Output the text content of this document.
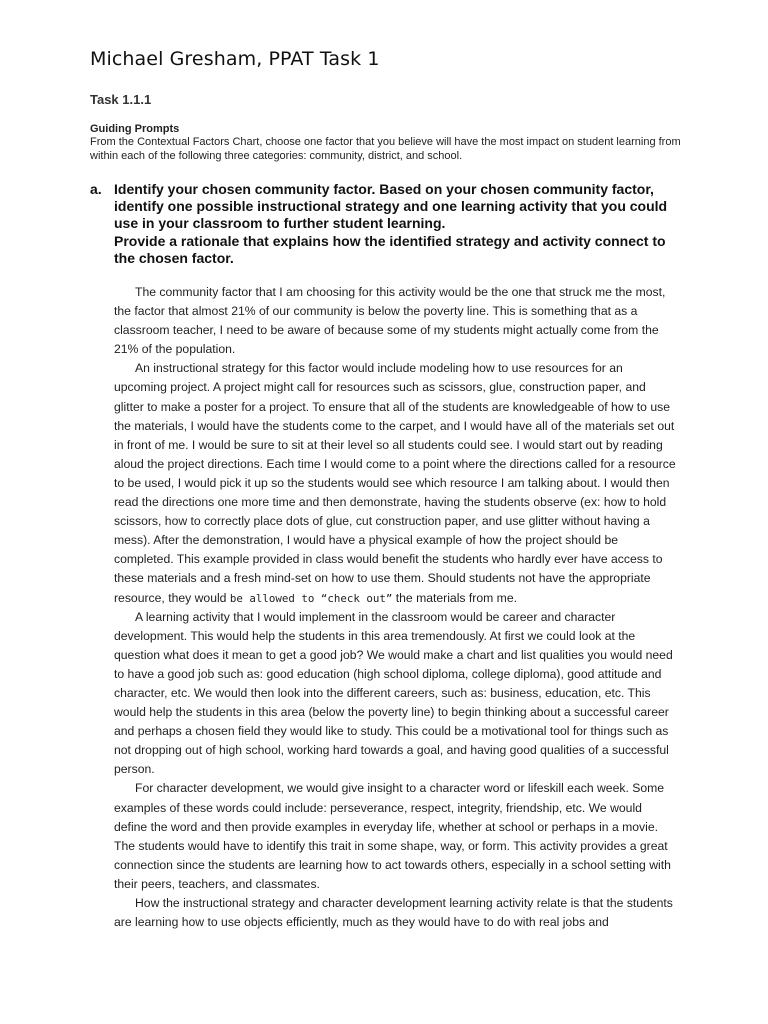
Michael Gresham, PPAT Task 1
Task 1.1.1
Guiding Prompts
From the Contextual Factors Chart, choose one factor that you believe will have the most impact on student learning from within each of the following three categories: community, district, and school.
a. Identify your chosen community factor. Based on your chosen community factor, identify one possible instructional strategy and one learning activity that you could use in your classroom to further student learning.

Provide a rationale that explains how the identified strategy and activity connect to the chosen factor.

The community factor that I am choosing for this activity would be the one that struck me the most, the factor that almost 21% of our community is below the poverty line. This is something that as a classroom teacher, I need to be aware of because some of my students might actually come from the 21% of the population.

An instructional strategy for this factor would include modeling how to use resources for an upcoming project. A project might call for resources such as scissors, glue, construction paper, and glitter to make a poster for a project. To ensure that all of the students are knowledgeable of how to use the materials, I would have the students come to the carpet, and I would have all of the materials set out in front of me. I would be sure to sit at their level so all students could see. I would start out by reading aloud the project directions. Each time I would come to a point where the directions called for a resource to be used, I would pick it up so the students would see which resource I am talking about. I would then read the directions one more time and then demonstrate, having the students observe (ex: how to hold scissors, how to correctly place dots of glue, cut construction paper, and use glitter without having a mess). After the demonstration, I would have a physical example of how the project should be completed. This example provided in class would benefit the students who hardly ever have access to these materials and a fresh mind-set on how to use them. Should students not have the appropriate resource, they would be allowed to “check out” the materials from me.

A learning activity that I would implement in the classroom would be career and character development. This would help the students in this area tremendously. At first we could look at the question what does it mean to get a good job? We would make a chart and list qualities you would need to have a good job such as: good education (high school diploma, college diploma), good attitude and character, etc. We would then look into the different careers, such as: business, education, etc. This would help the students in this area (below the poverty line) to begin thinking about a successful career and perhaps a chosen field they would like to study. This could be a motivational tool for things such as not dropping out of high school, working hard towards a goal, and having good qualities of a successful person.

For character development, we would give insight to a character word or lifeskill each week. Some examples of these words could include: perseverance, respect, integrity, friendship, etc. We would define the word and then provide examples in everyday life, whether at school or perhaps in a movie. The students would have to identify this trait in some shape, way, or form. This activity provides a great connection since the students are learning how to act towards others, especially in a school setting with their peers, teachers, and classmates.

How the instructional strategy and character development learning activity relate is that the students are learning how to use objects efficiently, much as they would have to do with real jobs and
